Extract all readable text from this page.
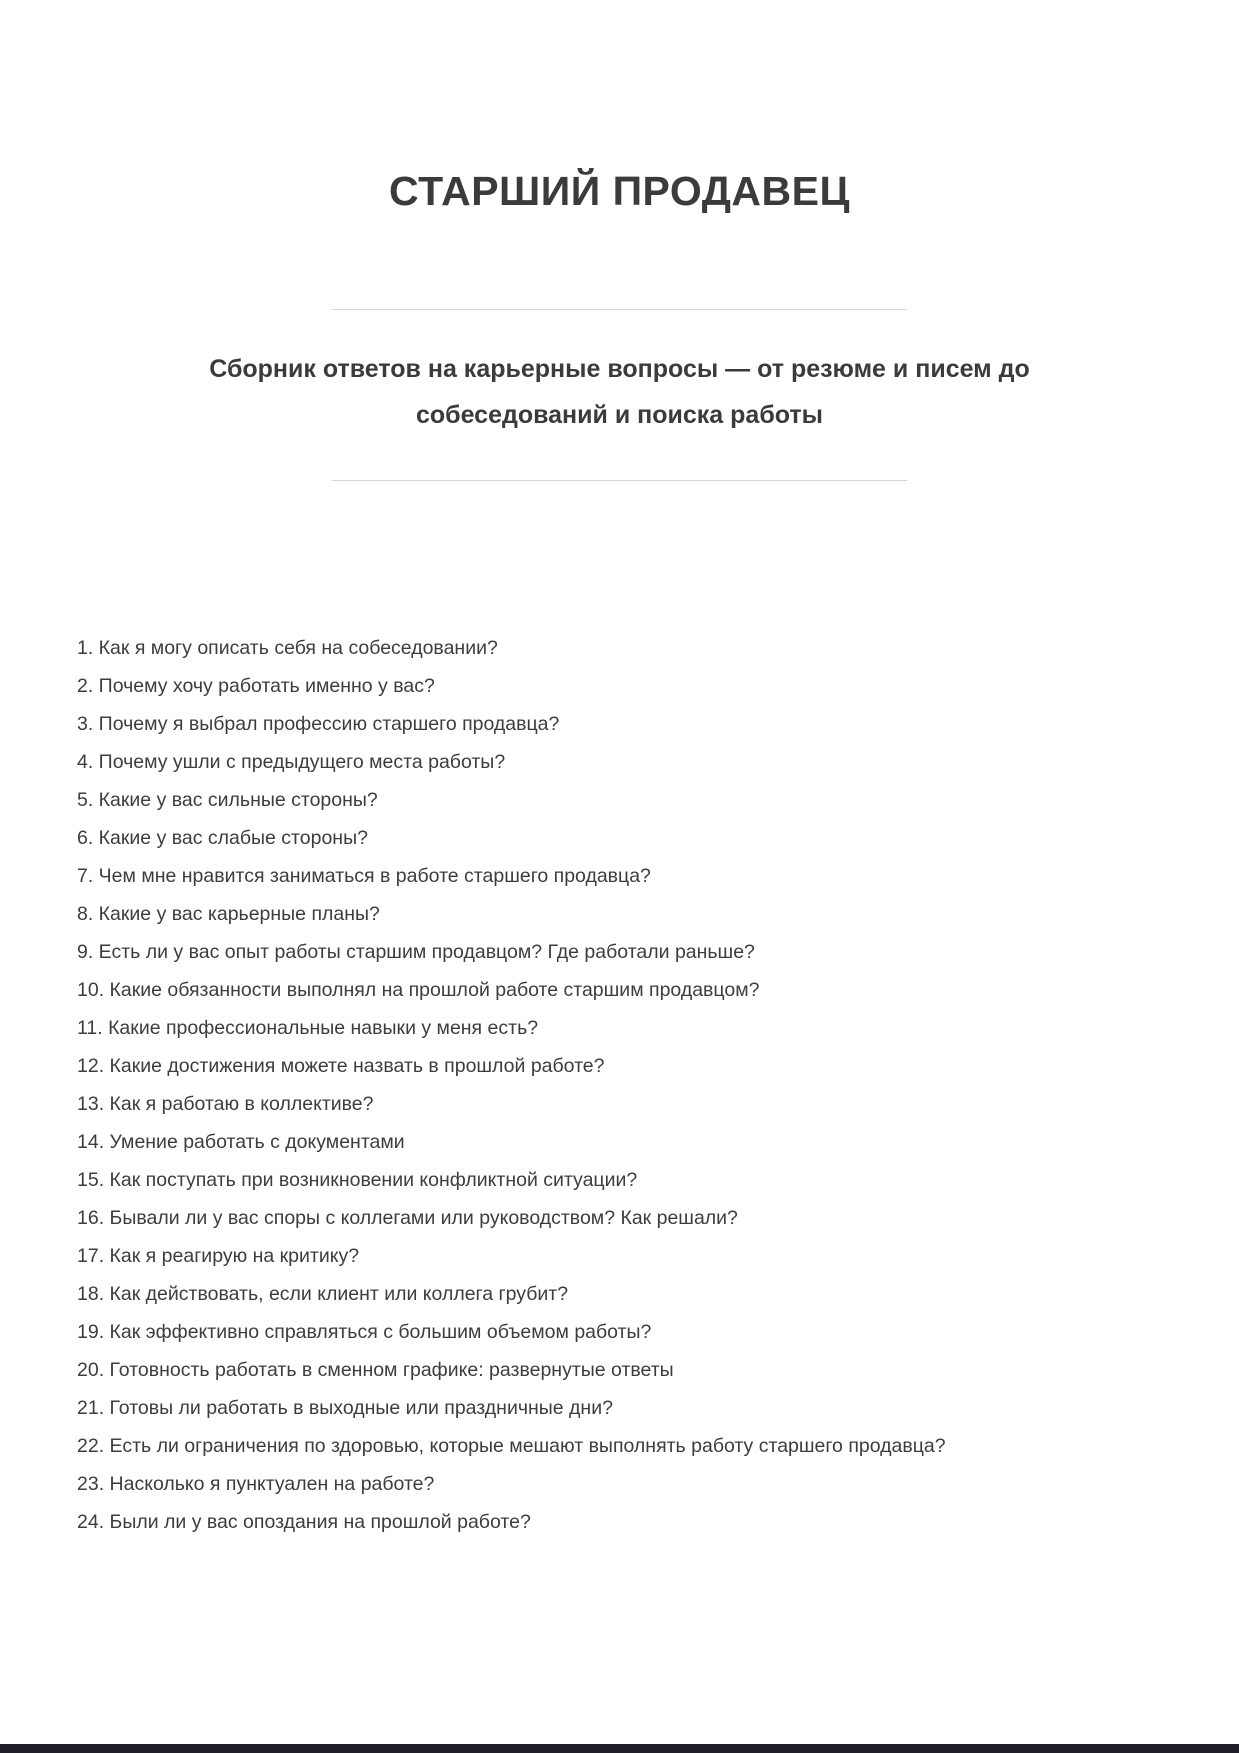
СТАРШИЙ ПРОДАВЕЦ
Сборник ответов на карьерные вопросы — от резюме и писем до собеседований и поиска работы
1. Как я могу описать себя на собеседовании?
2. Почему хочу работать именно у вас?
3. Почему я выбрал профессию старшего продавца?
4. Почему ушли с предыдущего места работы?
5. Какие у вас сильные стороны?
6. Какие у вас слабые стороны?
7. Чем мне нравится заниматься в работе старшего продавца?
8. Какие у вас карьерные планы?
9. Есть ли у вас опыт работы старшим продавцом? Где работали раньше?
10. Какие обязанности выполнял на прошлой работе старшим продавцом?
11. Какие профессиональные навыки у меня есть?
12. Какие достижения можете назвать в прошлой работе?
13. Как я работаю в коллективе?
14. Умение работать с документами
15. Как поступать при возникновении конфликтной ситуации?
16. Бывали ли у вас споры с коллегами или руководством? Как решали?
17. Как я реагирую на критику?
18. Как действовать, если клиент или коллега грубит?
19. Как эффективно справляться с большим объемом работы?
20. Готовность работать в сменном графике: развернутые ответы
21. Готовы ли работать в выходные или праздничные дни?
22. Есть ли ограничения по здоровью, которые мешают выполнять работу старшего продавца?
23. Насколько я пунктуален на работе?
24. Были ли у вас опоздания на прошлой работе?
